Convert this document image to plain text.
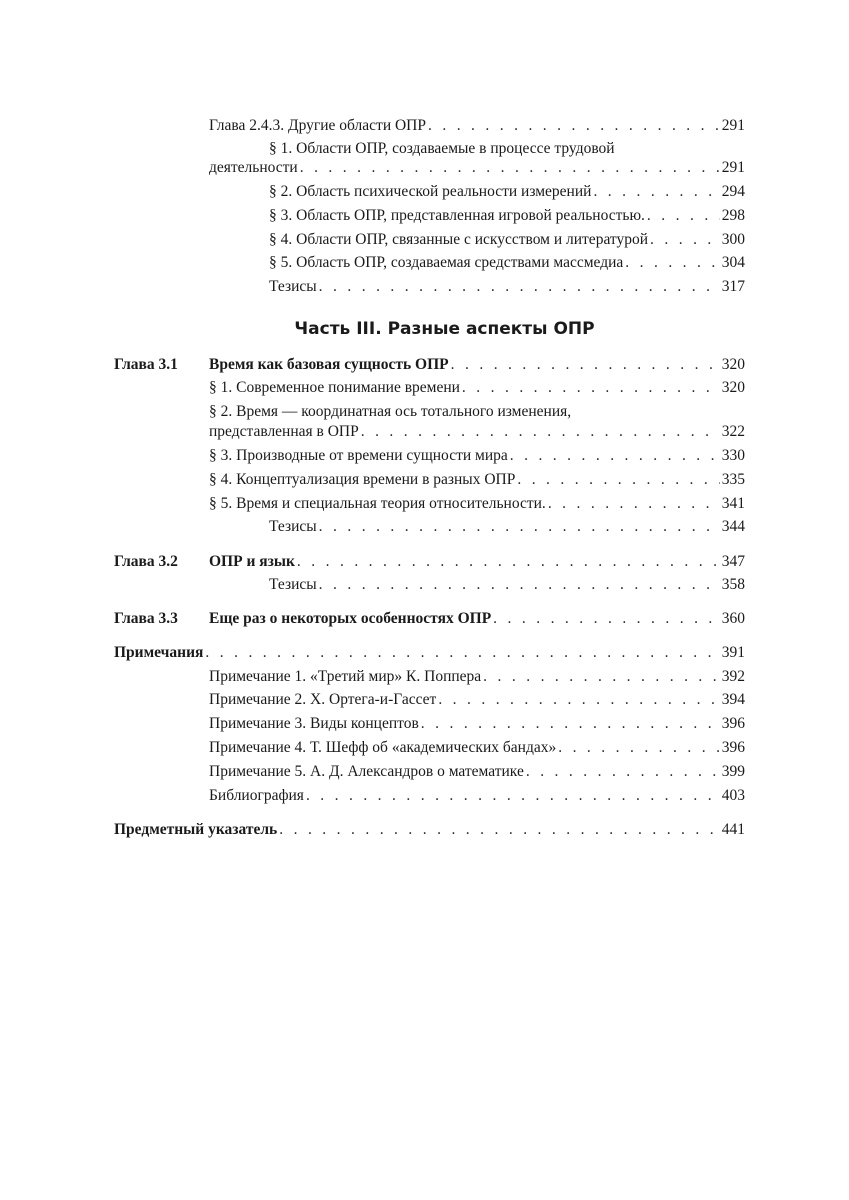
Глава 2.4.3. Другие области ОПР . . .	291
§ 1. Области ОПР, создаваемые в процессе трудовой
деятельности . . .	291
§ 2. Область психической реальности измерений . . .	294
§ 3. Область ОПР, представленная игровой реальностью. . . .	298
§ 4. Области ОПР, связанные с искусством и литературой . . .	300
§ 5. Область ОПР, создаваемая средствами массмедиа . . .	304
Тезисы . . .	317
Часть III. Разные аспекты ОПР
Глава 3.1 Время как базовая сущность ОПР . . .	320
§ 1. Современное понимание времени . . .	320
§ 2. Время — координатная ось тотального изменения,
представленная в ОПР . . .	322
§ 3. Производные от времени сущности мира . . .	330
§ 4. Концептуализация времени в разных ОПР . . .	335
§ 5. Время и специальная теория относительности. . . .	341
Тезисы . . .	344
Глава 3.2 ОПР и язык . . .	347
Тезисы . . .	358
Глава 3.3 Еще раз о некоторых особенностях ОПР . . .	360
Примечания . . .	391
Примечание 1. «Третий мир» К. Поппера . . .	392
Примечание 2. Х. Ортега-и-Гассет . . .	394
Примечание 3. Виды концептов . . .	396
Примечание 4. Т. Шефф об «академических бандах» . . .	396
Примечание 5. А. Д. Александров о математике . . .	399
Библиография . . .	403
Предметный указатель . . .	441
